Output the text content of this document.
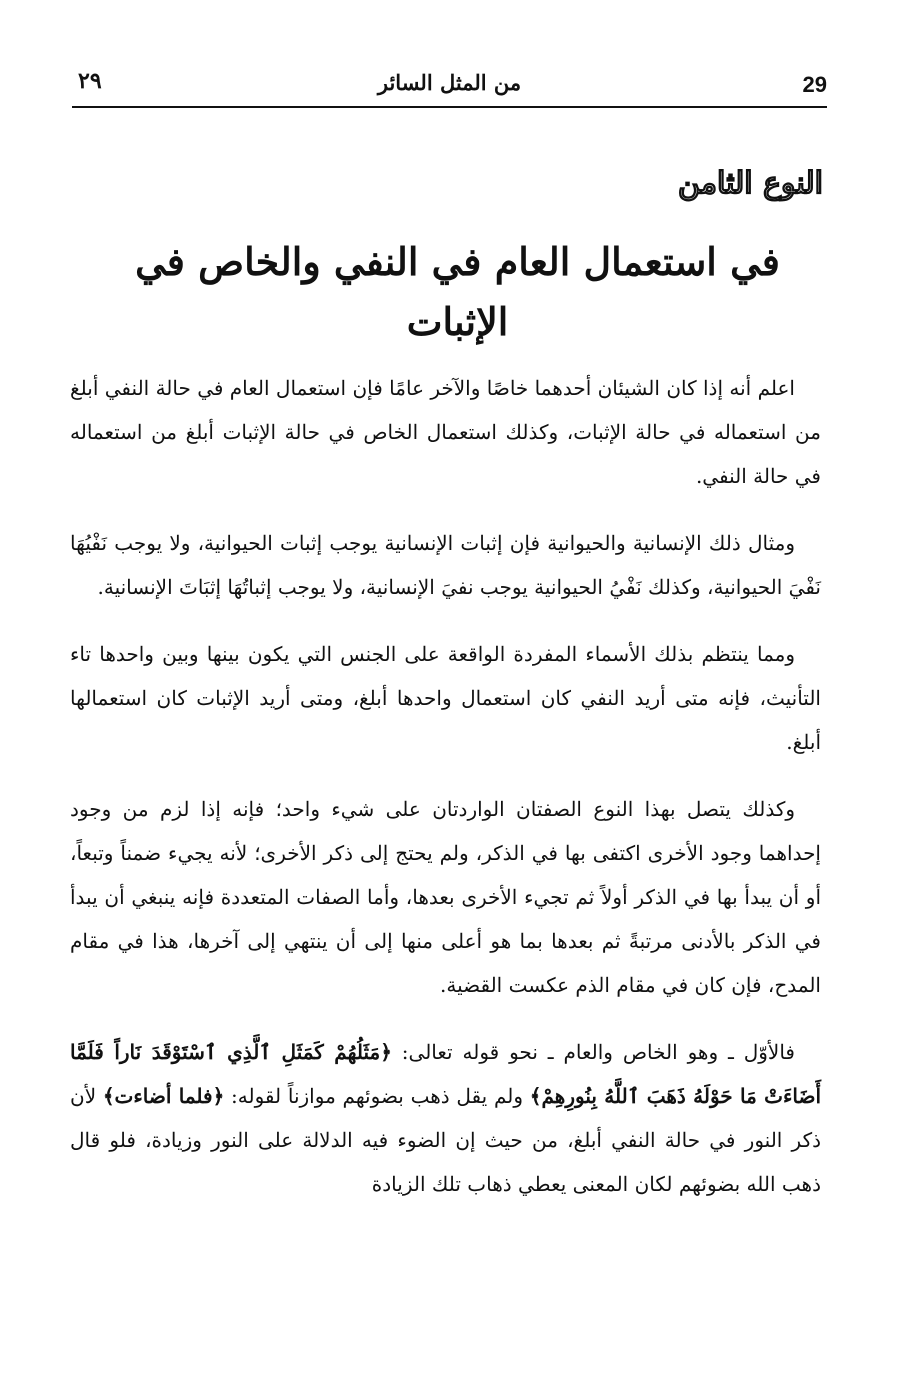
29
من المثل السائر
٢٩
النوع الثامن
في استعمال العام في النفي والخاص في الإثبات

اعلم أنه إذا كان الشيئان أحدهما خاصًا والآخر عامًا فإن استعمال العام في حالة النفي أبلغ من استعماله في حالة الإثبات، وكذلك استعمال الخاص في حالة الإثبات أبلغ من استعماله في حالة النفي.

ومثال ذلك الإنسانية والحيوانية فإن إثبات الإنسانية يوجب إثبات الحيوانية، ولا يوجب نَفْيُهَا نَفْيَ الحيوانية، وكذلك نَفْيُ الحيوانية يوجب نفيَ الإنسانية، ولا يوجب إثباتُهَا إثبَاتَ الإنسانية.

ومما ينتظم بذلك الأسماء المفردة الواقعة على الجنس التي يكون بينها وبين واحدها تاء التأنيث، فإنه متى أريد النفي كان استعمال واحدها أبلغ، ومتى أريد الإثبات كان استعمالها أبلغ.

وكذلك يتصل بهذا النوع الصفتان الواردتان على شيء واحد؛ فإنه إذا لزم من وجود إحداهما وجود الأخرى اكتفى بها في الذكر، ولم يحتج إلى ذكر الأخرى؛ لأنه يجيء ضمناً وتبعاً، أو أن يبدأ بها في الذكر أولاً ثم تجيء الأخرى بعدها، وأما الصفات المتعددة فإنه ينبغي أن يبدأ في الذكر بالأدنى مرتبةً ثم بعدها بما هو أعلى منها إلى أن ينتهي إلى آخرها، هذا في مقام المدح، فإن كان في مقام الذم عكست القضية.

فالأوّل ـ وهو الخاص والعام ـ نحو قوله تعالى: ﴿مَثَلُهُمْ كَمَثَلِ ٱلَّذِي ٱسْتَوْقَدَ نَاراً فَلَمَّا أَضَاءَتْ مَا حَوْلَهُ ذَهَبَ ٱللَّهُ بِنُورِهِمْ﴾ ولم يقل ذهب بضوئهم موازناً لقوله: ﴿فلما أضاءت﴾ لأن ذكر النور في حالة النفي أبلغ، من حيث إن الضوء فيه الدلالة على النور وزيادة، فلو قال ذهب الله بضوئهم لكان المعنى يعطي ذهاب تلك الزيادة
